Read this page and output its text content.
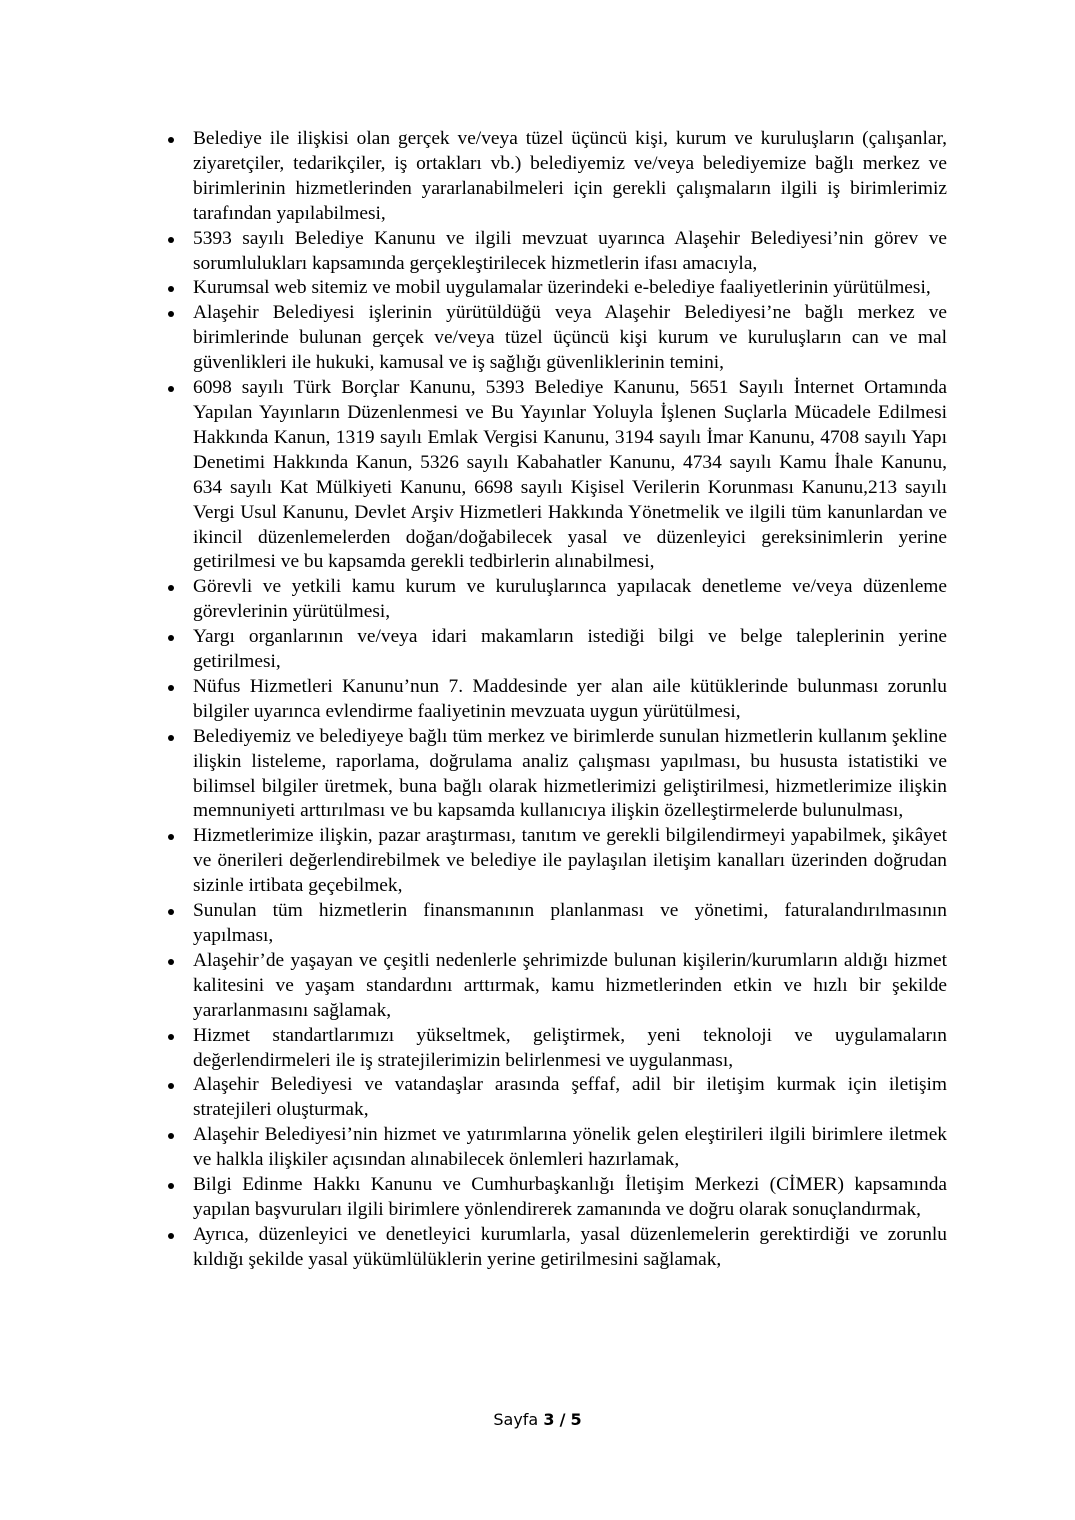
Belediye ile ilişkisi olan gerçek ve/veya tüzel üçüncü kişi, kurum ve kuruluşların (çalışanlar, ziyaretçiler, tedarikçiler, iş ortakları vb.) belediyemiz ve/veya belediyemize bağlı merkez ve birimlerinin hizmetlerinden yararlanabilmeleri için gerekli çalışmaların ilgili iş birimlerimiz tarafından yapılabilmesi,
5393 sayılı Belediye Kanunu ve ilgili mevzuat uyarınca Alaşehir Belediyesi’nin görev ve sorumlulukları kapsamında gerçekleştirilecek hizmetlerin ifası amacıyla,
Kurumsal web sitemiz ve mobil uygulamalar üzerindeki e-belediye faaliyetlerinin yürütülmesi,
Alaşehir Belediyesi işlerinin yürütüldüğü veya Alaşehir Belediyesi’ne bağlı merkez ve birimlerinde bulunan gerçek ve/veya tüzel üçüncü kişi kurum ve kuruluşların can ve mal güvenlikleri ile hukuki, kamusal ve iş sağlığı güvenliklerinin temini,
6098 sayılı Türk Borçlar Kanunu, 5393 Belediye Kanunu, 5651 Sayılı İnternet Ortamında Yapılan Yayınların Düzenlenmesi ve Bu Yayınlar Yoluyla İşlenen Suçlarla Mücadele Edilmesi Hakkında Kanun, 1319 sayılı Emlak Vergisi Kanunu, 3194 sayılı İmar Kanunu, 4708 sayılı Yapı Denetimi Hakkında Kanun, 5326 sayılı Kabahatler Kanunu, 4734 sayılı Kamu İhale Kanunu, 634 sayılı Kat Mülkiyeti Kanunu, 6698 sayılı Kişisel Verilerin Korunması Kanunu,213 sayılı Vergi Usul Kanunu, Devlet Arşiv Hizmetleri Hakkında Yönetmelik ve ilgili tüm kanunlardan ve ikincil düzenlemelerden doğan/doğabilecek yasal ve düzenleyici gereksinimlerin yerine getirilmesi ve bu kapsamda gerekli tedbirlerin alınabilmesi,
Görevli ve yetkili kamu kurum ve kuruluşlarınca yapılacak denetleme ve/veya düzenleme görevlerinin yürütülmesi,
Yargı organlarının ve/veya idari makamların istediği bilgi ve belge taleplerinin yerine getirilmesi,
Nüfus Hizmetleri Kanunu’nun 7. Maddesinde yer alan aile kütüklerinde bulunması zorunlu bilgiler uyarınca evlendirme faaliyetinin mevzuata uygun yürütülmesi,
Belediyemiz ve belediyeye bağlı tüm merkez ve birimlerde sunulan hizmetlerin kullanım şekline ilişkin listeleme, raporlama, doğrulama analiz çalışması yapılması, bu hususta istatistiki ve bilimsel bilgiler üretmek, buna bağlı olarak hizmetlerimizi geliştirilmesi, hizmetlerimize ilişkin memnuniyeti arttırılması ve bu kapsamda kullanıcıya ilişkin özelleştirmelerde bulunulması,
Hizmetlerimize ilişkin, pazar araştırması, tanıtım ve gerekli bilgilendirmeyi yapabilmek, şikâyet ve önerileri değerlendirebilmek ve belediye ile paylaşılan iletişim kanalları üzerinden doğrudan sizinle irtibata geçebilmek,
Sunulan tüm hizmetlerin finansmanının planlanması ve yönetimi, faturalandırılmasının yapılması,
Alaşehir’de yaşayan ve çeşitli nedenlerle şehrimizde bulunan kişilerin/kurumların aldığı hizmet kalitesini ve yaşam standardını arttırmak, kamu hizmetlerinden etkin ve hızlı bir şekilde yararlanmasını sağlamak,
Hizmet standartlarımızı yükseltmek, geliştirmek, yeni teknoloji ve uygulamaların değerlendirmeleri ile iş stratejilerimizin belirlenmesi ve uygulanması,
Alaşehir Belediyesi ve vatandaşlar arasında şeffaf, adil bir iletişim kurmak için iletişim stratejileri oluşturmak,
Alaşehir Belediyesi’nin hizmet ve yatırımlarına yönelik gelen eleştirileri ilgili birimlere iletmek ve halkla ilişkiler açısından alınabilecek önlemleri hazırlamak,
Bilgi Edinme Hakkı Kanunu ve Cumhurbaşkanlığı İletişim Merkezi (CİMER) kapsamında yapılan başvuruları ilgili birimlere yönlendirerek zamanında ve doğru olarak sonuçlandırmak,
Ayrıca, düzenleyici ve denetleyici kurumlarla, yasal düzenlemelerin gerektirdiği ve zorunlu kıldığı şekilde yasal yükümlülüklerin yerine getirilmesini sağlamak,
Sayfa 3 / 5
